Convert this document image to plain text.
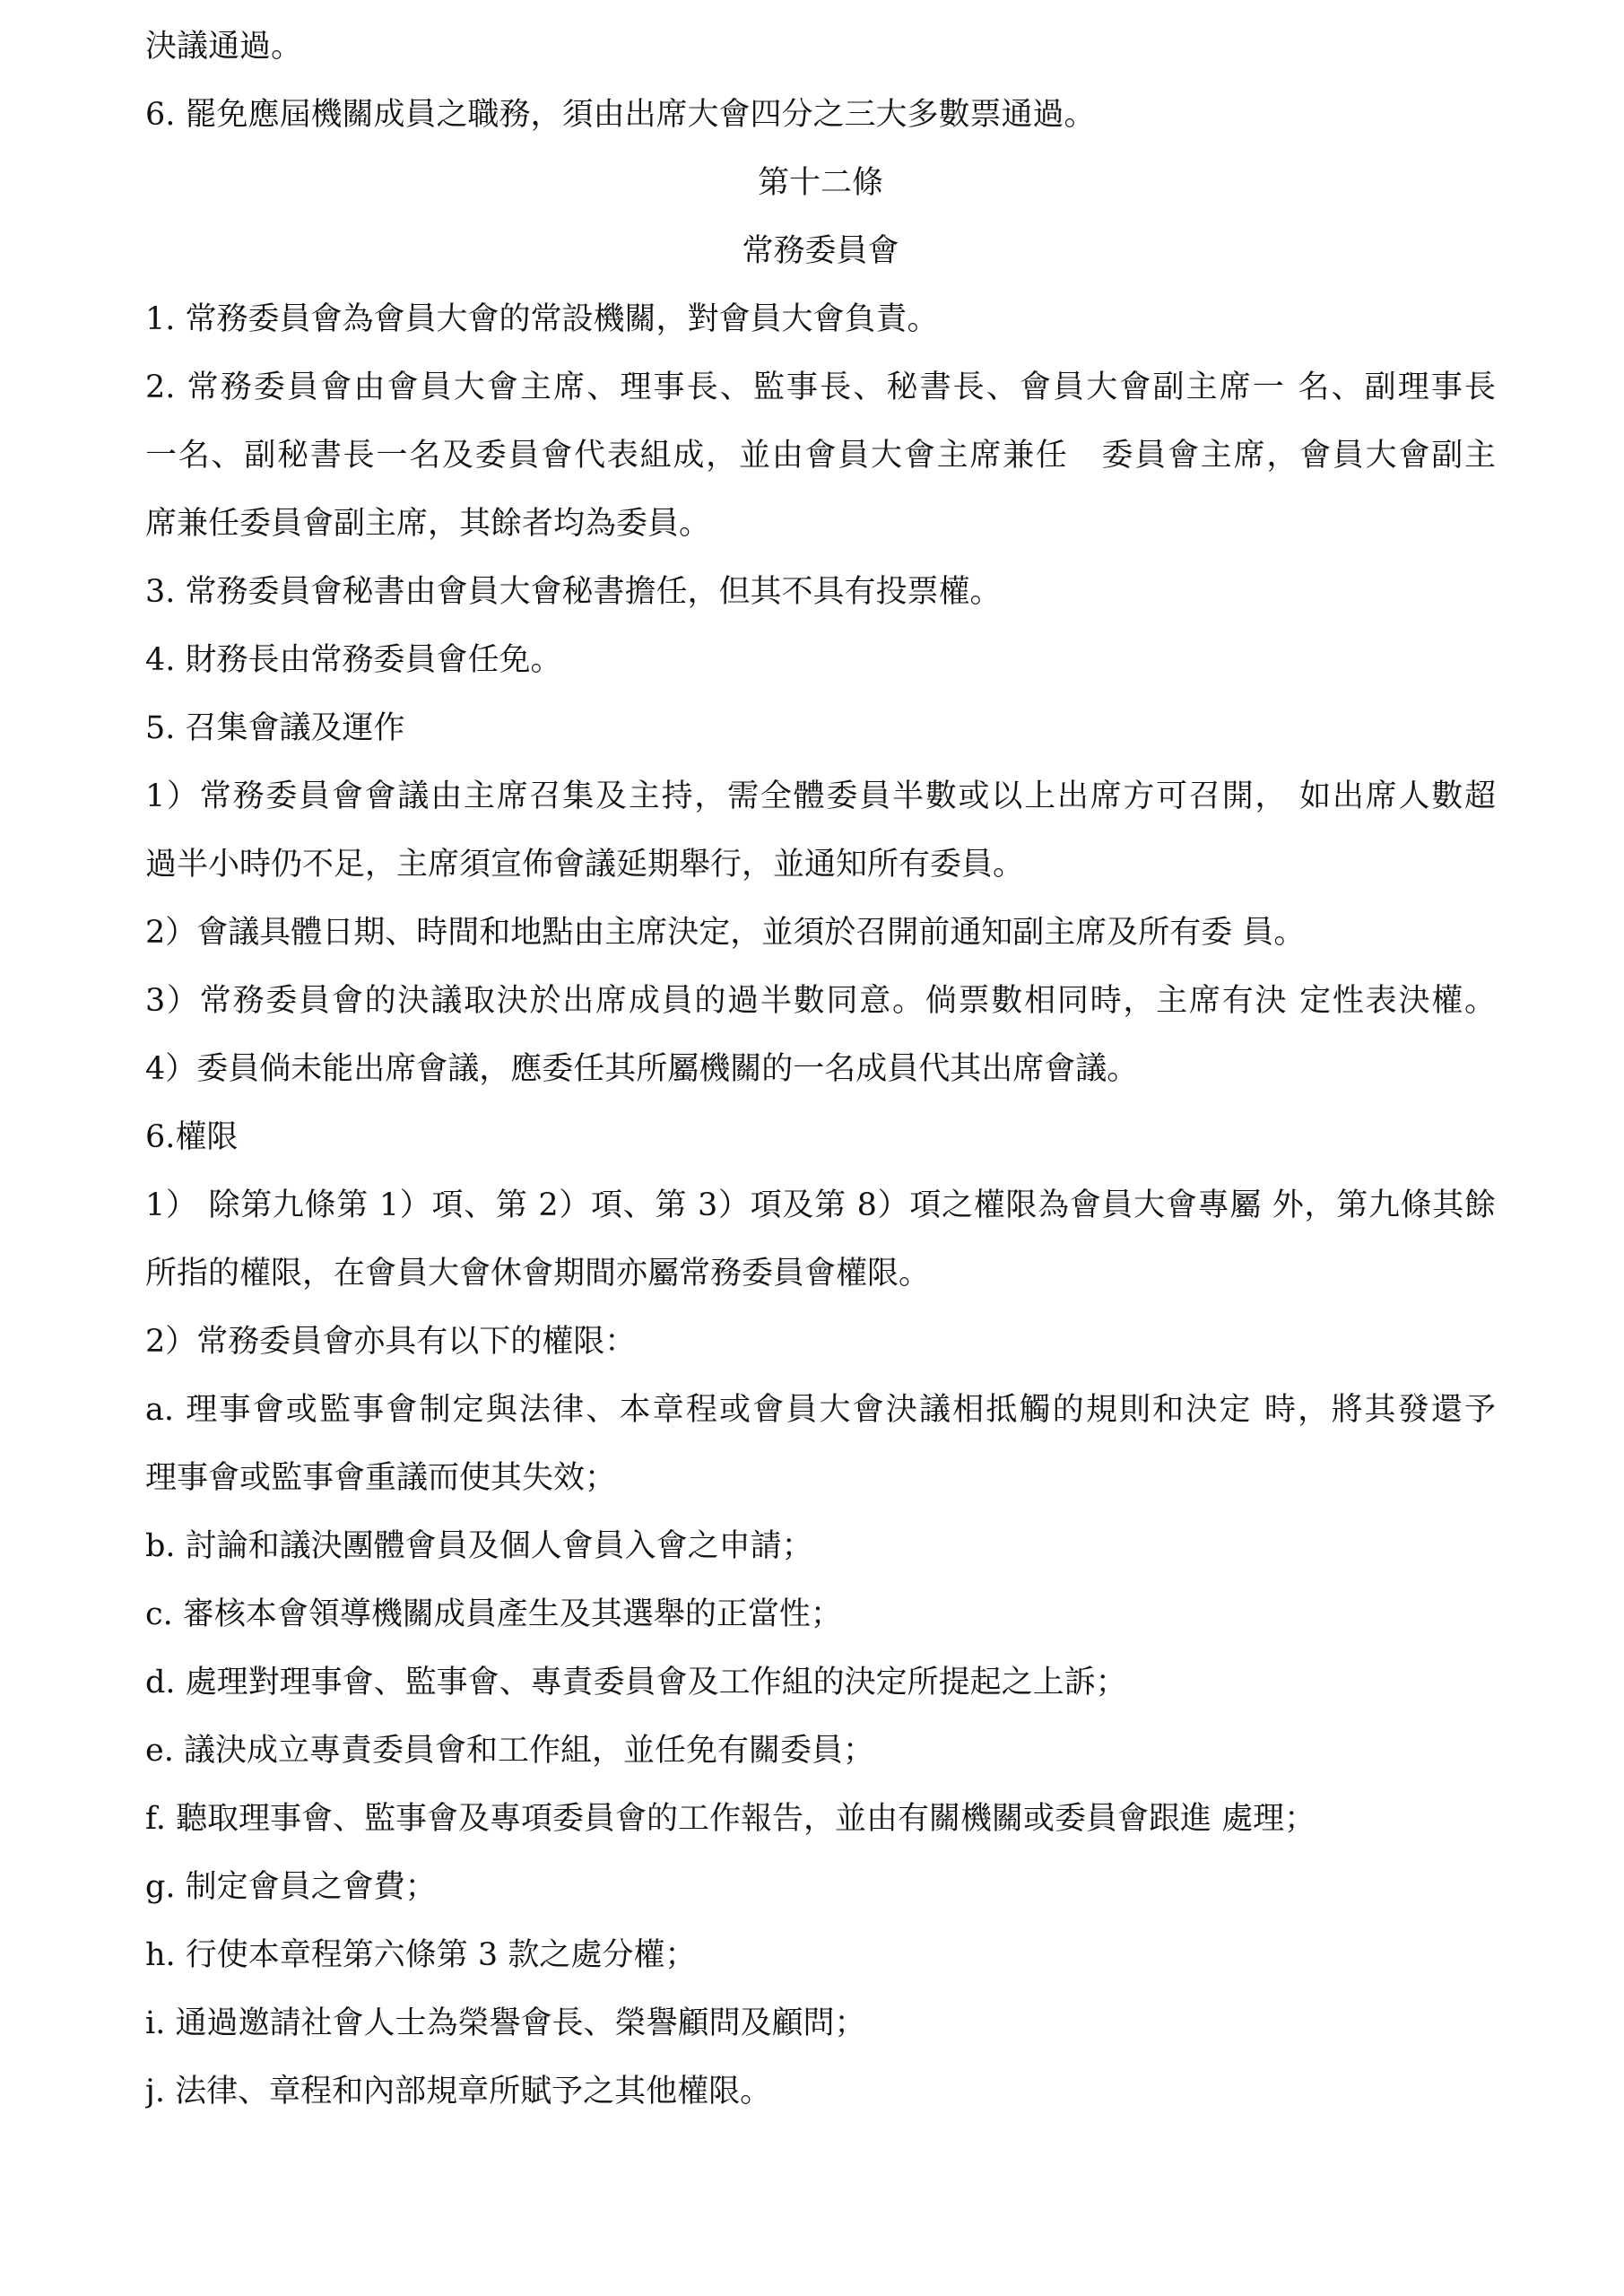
決議通過。
6. 罷免應屆機關成員之職務，須由出席大會四分之三大多數票通過。
第十二條
常務委員會
1. 常務委員會為會員大會的常設機關，對會員大會負責。
2. 常務委員會由會員大會主席、理事長、監事長、秘書長、會員大會副主席一 名、副理事長
一名、副秘書長一名及委員會代表組成，並由會員大會主席兼任　委員會主席，會員大會副主
席兼任委員會副主席，其餘者均為委員。
3. 常務委員會秘書由會員大會秘書擔任，但其不具有投票權。
4. 財務長由常務委員會任免。
5. 召集會議及運作
1）常務委員會會議由主席召集及主持，需全體委員半數或以上出席方可召開， 如出席人數超
過半小時仍不足，主席須宣佈會議延期舉行，並通知所有委員。
2）會議具體日期、時間和地點由主席決定，並須於召開前通知副主席及所有委 員。
3）常務委員會的決議取決於出席成員的過半數同意。倘票數相同時，主席有決 定性表決權。
4）委員倘未能出席會議，應委任其所屬機關的一名成員代其出席會議。
6.權限
1） 除第九條第 1）項、第 2）項、第 3）項及第 8）項之權限為會員大會專屬 外，第九條其餘
所指的權限，在會員大會休會期間亦屬常務委員會權限。
2）常務委員會亦具有以下的權限：
a. 理事會或監事會制定與法律、本章程或會員大會決議相抵觸的規則和決定 時，將其發還予
理事會或監事會重議而使其失效；
b. 討論和議決團體會員及個人會員入會之申請；
c. 審核本會領導機關成員產生及其選舉的正當性；
d. 處理對理事會、監事會、專責委員會及工作組的決定所提起之上訴；
e. 議決成立專責委員會和工作組，並任免有關委員；
f. 聽取理事會、監事會及專項委員會的工作報告，並由有關機關或委員會跟進 處理；
g. 制定會員之會費；
h. 行使本章程第六條第 3 款之處分權；
i. 通過邀請社會人士為榮譽會長、榮譽顧問及顧問；
j. 法律、章程和內部規章所賦予之其他權限。
